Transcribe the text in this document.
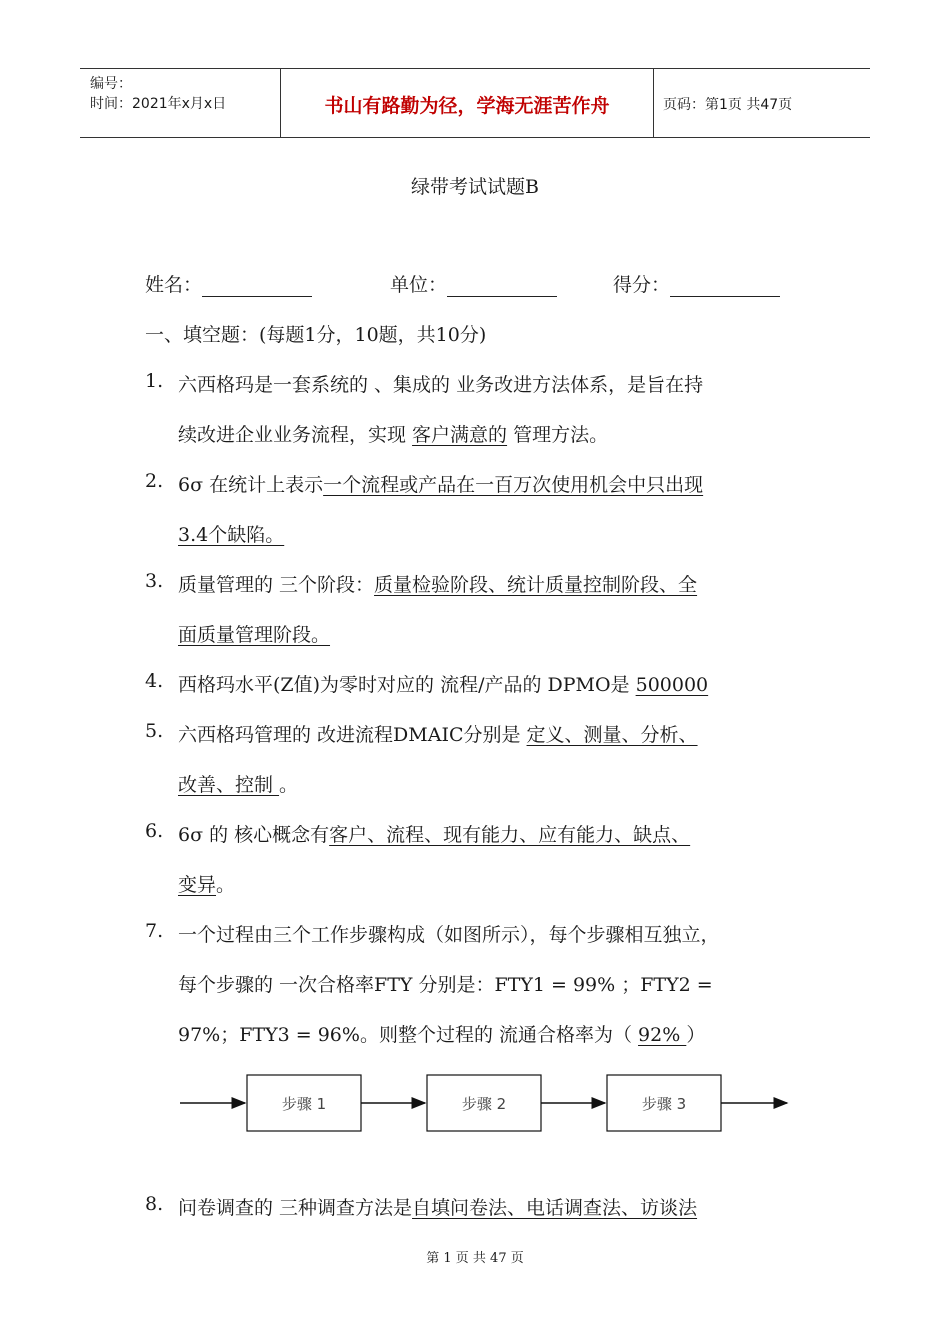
编号：
时间：2021年x月x日	书山有路勤为径，学海无涯苦作舟	页码：第1页 共47页
绿带考试试题B
姓名：	单位：	得分：
一、填空题：(每题1分，10题，共10分)
1. 六西格玛是一套系统的 、集成的 业务改进方法体系，是旨在持
续改进企业业务流程，实现 客户满意的 管理方法。
2. 6σ 在统计上表示一个流程或产品在一百万次使用机会中只出现
3.4个缺陷。
3. 质量管理的 三个阶段：质量检验阶段、统计质量控制阶段、全
面质量管理阶段。
4. 西格玛水平(Z值)为零时对应的 流程/产品的 DPMO是 500000
5. 六西格玛管理的 改进流程DMAIC分别是 定义、测量、分析、
改善、控制 。
6. 6σ 的 核心概念有客户、流程、现有能力、应有能力、缺点、
变异。
7. 一个过程由三个工作步骤构成（如图所示），每个步骤相互独立，
每个步骤的 一次合格率FTY 分别是：FTY1 = 99% ；FTY2 =
97%；FTY3 = 96%。则整个过程的 流通合格率为（ 92% ）
步骤 1	步骤 2	步骤 3
8. 问卷调查的 三种调查方法是自填问卷法、电话调查法、访谈法
第 1 页 共 47 页
